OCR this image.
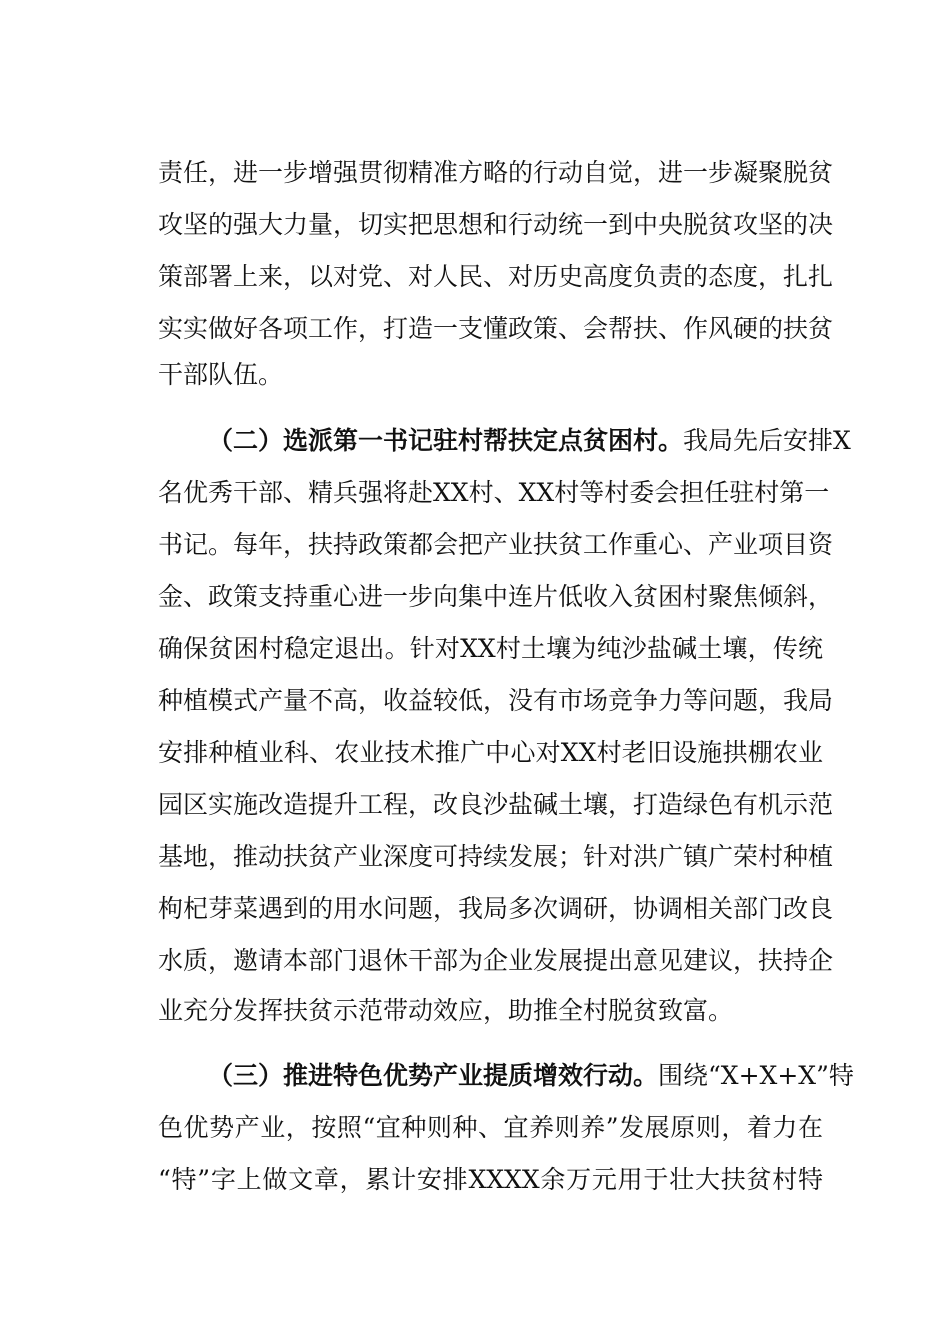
责任，进一步增强贯彻精准方略的行动自觉，进一步凝聚脱贫
攻坚的强大力量，切实把思想和行动统一到中央脱贫攻坚的决
策部署上来，以对党、对人民、对历史高度负责的态度，扎扎
实实做好各项工作，打造一支懂政策、会帮扶、作风硬的扶贫
干部队伍。
（二）选派第一书记驻村帮扶定点贫困村。我局先后安排X
名优秀干部、精兵强将赴XX村、XX村等村委会担任驻村第一
书记。每年，扶持政策都会把产业扶贫工作重心、产业项目资
金、政策支持重心进一步向集中连片低收入贫困村聚焦倾斜，
确保贫困村稳定退出。针对XX村土壤为纯沙盐碱土壤，传统
种植模式产量不高，收益较低，没有市场竞争力等问题，我局
安排种植业科、农业技术推广中心对XX村老旧设施拱棚农业
园区实施改造提升工程，改良沙盐碱土壤，打造绿色有机示范
基地，推动扶贫产业深度可持续发展；针对洪广镇广荣村种植
枸杞芽菜遇到的用水问题，我局多次调研，协调相关部门改良
水质，邀请本部门退休干部为企业发展提出意见建议，扶持企
业充分发挥扶贫示范带动效应，助推全村脱贫致富。
（三）推进特色优势产业提质增效行动。围绕“X+X+X”特
色优势产业，按照“宜种则种、宜养则养”发展原则，着力在
“特”字上做文章，累计安排XXXX余万元用于壮大扶贫村特
